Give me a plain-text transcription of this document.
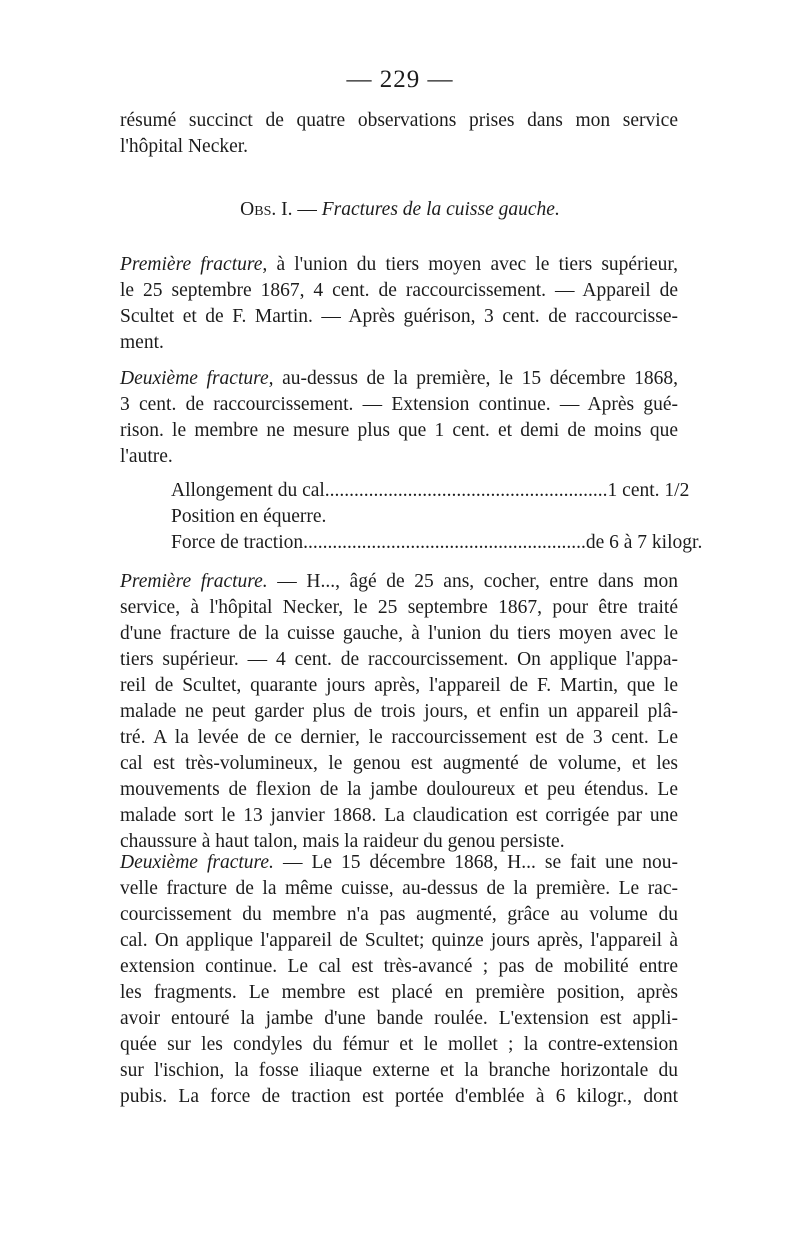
— 229 —
résumé succinct de quatre observations prises dans mon service
l'hôpital Necker.
Obs. I. — Fractures de la cuisse gauche.
Première fracture, à l'union du tiers moyen avec le tiers supérieur,
le 25 septembre 1867, 4 cent. de raccourcissement. — Appareil de
Scultet et de F. Martin. — Après guérison, 3 cent. de raccourcisse-
ment.
Deuxième fracture, au-dessus de la première, le 15 décembre 1868,
3 cent. de raccourcissement. — Extension continue. — Après gué-
rison. le membre ne mesure plus que 1 cent. et demi de moins que
l'autre.
Allongement du cal .......................................................... 1 cent. 1/2
Position en équerre.
Force de traction .......................................................... de 6 à 7 kilogr.
Première fracture. — H..., âgé de 25 ans, cocher, entre dans mon
service, à l'hôpital Necker, le 25 septembre 1867, pour être traité
d'une fracture de la cuisse gauche, à l'union du tiers moyen avec le
tiers supérieur. — 4 cent. de raccourcissement. On applique l'appa-
reil de Scultet, quarante jours après, l'appareil de F. Martin, que le
malade ne peut garder plus de trois jours, et enfin un appareil plâ-
tré. A la levée de ce dernier, le raccourcissement est de 3 cent. Le
cal est très-volumineux, le genou est augmenté de volume, et les
mouvements de flexion de la jambe douloureux et peu étendus. Le
malade sort le 13 janvier 1868. La claudication est corrigée par une
chaussure à haut talon, mais la raideur du genou persiste.
Deuxième fracture. — Le 15 décembre 1868, H... se fait une nou-
velle fracture de la même cuisse, au-dessus de la première. Le rac-
courcissement du membre n'a pas augmenté, grâce au volume du
cal. On applique l'appareil de Scultet; quinze jours après, l'appareil à
extension continue. Le cal est très-avancé ; pas de mobilité entre
les fragments. Le membre est placé en première position, après
avoir entouré la jambe d'une bande roulée. L'extension est appli-
quée sur les condyles du fémur et le mollet ; la contre-extension
sur l'ischion, la fosse iliaque externe et la branche horizontale du
pubis. La force de traction est portée d'emblée à 6 kilogr., dont
